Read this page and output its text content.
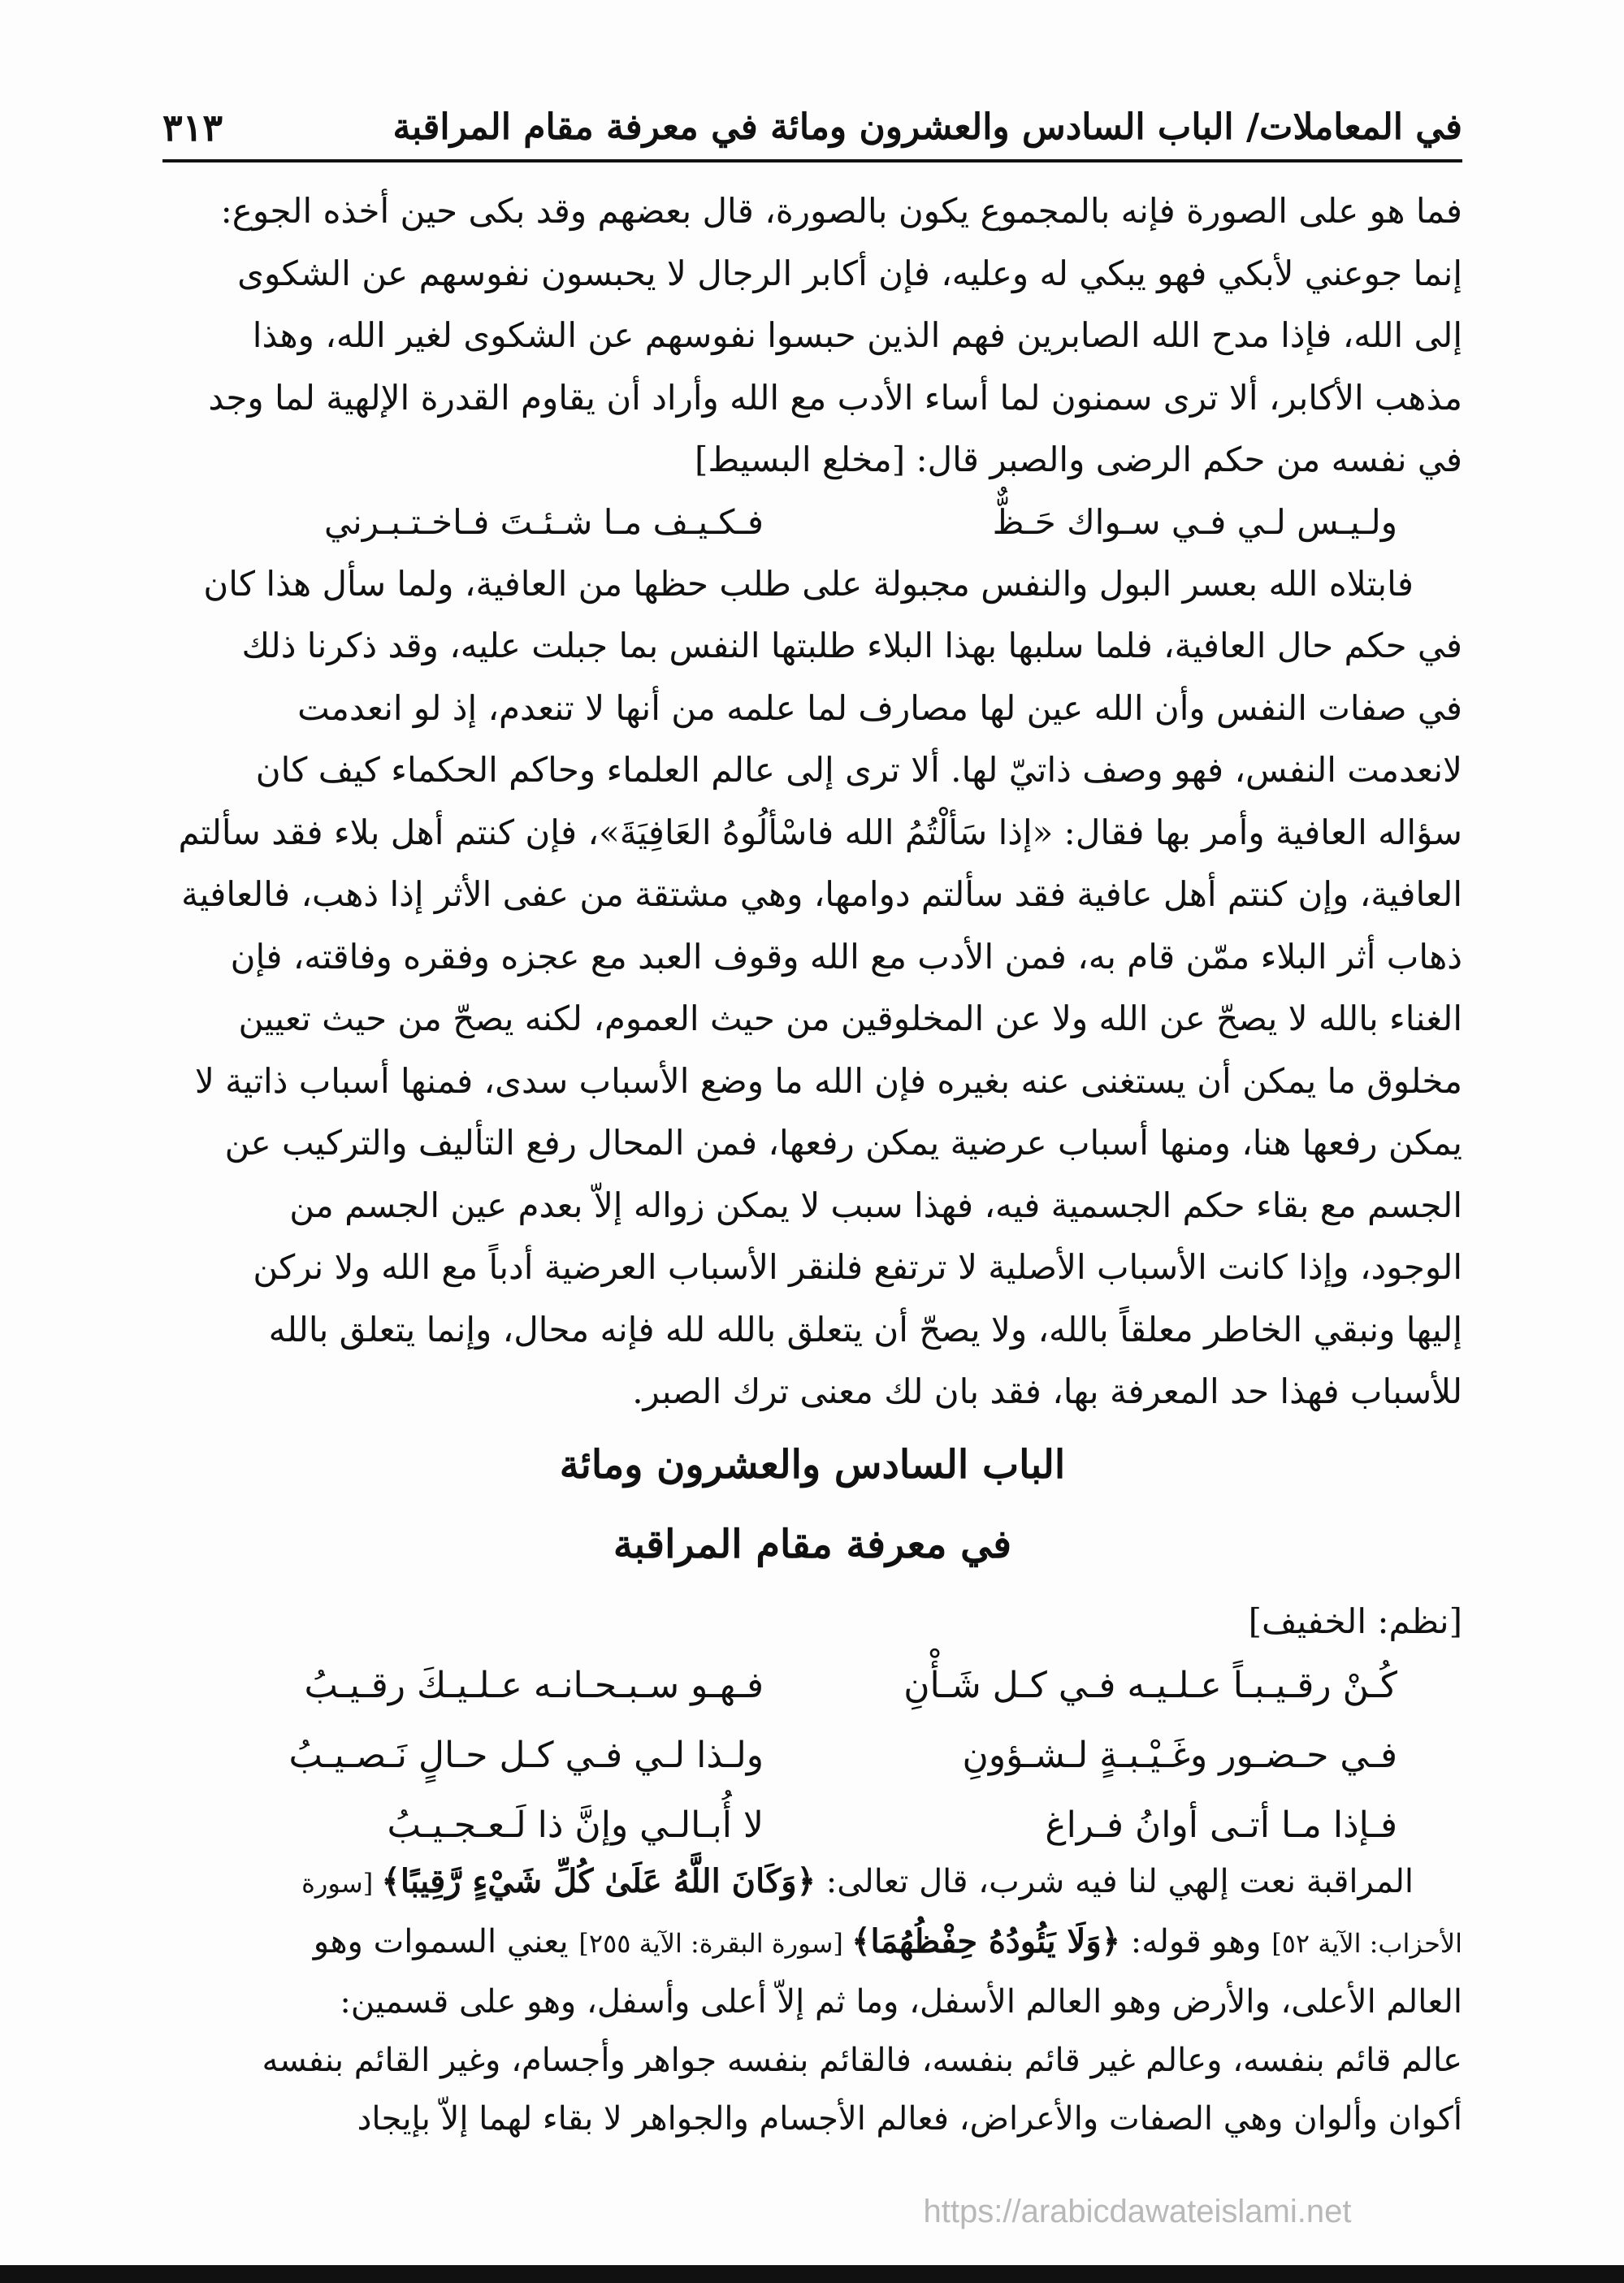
في المعاملات/ الباب السادس والعشرون ومائة في معرفة مقام المراقبة
٣١٣
فما هو على الصورة فإنه بالمجموع يكون بالصورة، قال بعضهم وقد بكى حين أخذه الجوع:
إنما جوعني لأبكي فهو يبكي له وعليه، فإن أكابر الرجال لا يحبسون نفوسهم عن الشكوى
إلى الله، فإذا مدح الله الصابرين فهم الذين حبسوا نفوسهم عن الشكوى لغير الله، وهذا
مذهب الأكابر، ألا ترى سمنون لما أساء الأدب مع الله وأراد أن يقاوم القدرة الإلهية لما وجد
في نفسه من حكم الرضى والصبر قال: [مخلع البسيط]
ولـيـس لـي فـي سـواك حَـظٌّ
فـكـيـف مـا شـئـتَ فـاخـتـبـرني
فابتلاه الله بعسر البول والنفس مجبولة على طلب حظها من العافية، ولما سأل هذا كان
في حكم حال العافية، فلما سلبها بهذا البلاء طلبتها النفس بما جبلت عليه، وقد ذكرنا ذلك
في صفات النفس وأن الله عين لها مصارف لما علمه من أنها لا تنعدم، إذ لو انعدمت
لانعدمت النفس، فهو وصف ذاتيّ لها. ألا ترى إلى عالم العلماء وحاكم الحكماء كيف كان
سؤاله العافية وأمر بها فقال: «إذا سَألْتُمُ الله فاسْألُوهُ العَافِيَةَ»، فإن كنتم أهل بلاء فقد سألتم
العافية، وإن كنتم أهل عافية فقد سألتم دوامها، وهي مشتقة من عفى الأثر إذا ذهب، فالعافية
ذهاب أثر البلاء ممّن قام به، فمن الأدب مع الله وقوف العبد مع عجزه وفقره وفاقته، فإن
الغناء بالله لا يصحّ عن الله ولا عن المخلوقين من حيث العموم، لكنه يصحّ من حيث تعيين
مخلوق ما يمكن أن يستغنى عنه بغيره فإن الله ما وضع الأسباب سدى، فمنها أسباب ذاتية لا
يمكن رفعها هنا، ومنها أسباب عرضية يمكن رفعها، فمن المحال رفع التأليف والتركيب عن
الجسم مع بقاء حكم الجسمية فيه، فهذا سبب لا يمكن زواله إلاّ بعدم عين الجسم من
الوجود، وإذا كانت الأسباب الأصلية لا ترتفع فلنقر الأسباب العرضية أدباً مع الله ولا نركن
إليها ونبقي الخاطر معلقاً بالله، ولا يصحّ أن يتعلق بالله لله فإنه محال، وإنما يتعلق بالله
للأسباب فهذا حد المعرفة بها، فقد بان لك معنى ترك الصبر.
الباب السادس والعشرون ومائة
في معرفة مقام المراقبة
[نظم: الخفيف]
كُـنْ رقـيـبـاً عـلـيـه فـي كـل شَـأْنِ
فـهـو سـبـحـانـه عـلـيـكَ رقـيـبُ
فـي حـضـور وغَـيْـبـةٍ لـشـؤونِ
ولـذا لـي فـي كـل حـالٍ نَـصـيـبُ
فـإذا مـا أتـى أوانُ فـراغ
لا أُبـالـي وإنَّ ذا لَـعـجـيـبُ
المراقبة نعت إلهي لنا فيه شرب، قال تعالى: ﴿وَكَانَ اللَّهُ عَلَىٰ كُلِّ شَيْءٍ رَّقِيبًا﴾ [سورة
الأحزاب: الآية ٥٢] وهو قوله: ﴿وَلَا يَئُودُهُ حِفْظُهُمَا﴾ [سورة البقرة: الآية ٢٥٥] يعني السموات وهو
العالم الأعلى، والأرض وهو العالم الأسفل، وما ثم إلاّ أعلى وأسفل، وهو على قسمين:
عالم قائم بنفسه، وعالم غير قائم بنفسه، فالقائم بنفسه جواهر وأجسام، وغير القائم بنفسه
أكوان وألوان وهي الصفات والأعراض، فعالم الأجسام والجواهر لا بقاء لهما إلاّ بإيجاد
https://arabicdawateislami.net
